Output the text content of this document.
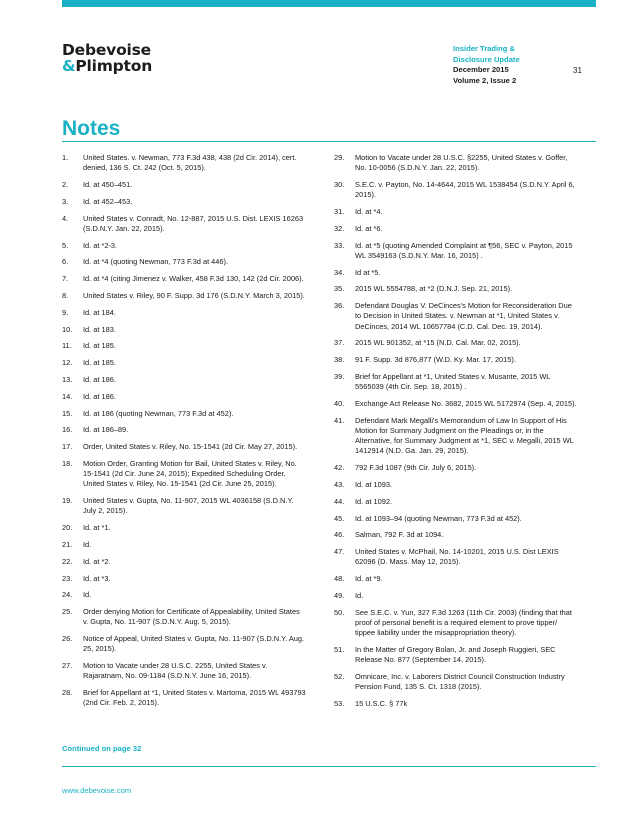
Debevoise
&Plimpton
Insider Trading &
Disclosure Update
December 2015
Volume 2, Issue 2
31
Notes
1.	United States. v. Newman, 773 F.3d 438, 438 (2d Cir. 2014), cert. denied, 136 S. Ct. 242 (Oct. 5, 2015).
2.	Id. at 450–451.
3.	Id. at 452–453.
4.	United States v. Conradt, No. 12-887, 2015 U.S. Dist. LEXIS 16263 (S.D.N.Y. Jan. 22, 2015).
5.	Id. at *2-3.
6.	Id. at *4 (quoting Newman, 773 F.3d at 446).
7.	Id. at *4 (citing Jimenez v. Walker, 458 F.3d 130, 142 (2d Cir. 2006).
8.	United States v. Riley, 90 F. Supp. 3d 176 (S.D.N.Y. March 3, 2015).
9.	Id. at 184.
10.	Id. at 183.
11.	Id. at 185.
12.	Id. at 185.
13.	Id. at 186.
14.	Id. at 186.
15.	Id. at 186 (quoting Newman, 773 F.3d at 452).
16.	Id. at 186–89.
17.	Order, United States v. Riley, No. 15-1541 (2d Cir. May 27, 2015).
18.	Motion Order, Granting Motion for Bail, United States v. Riley, No. 15-1541 (2d Cir. June 24, 2015); Expedited Scheduling Order, United States v. Riley, No. 15-1541 (2d Cir. June 25, 2015).
19.	United States v. Gupta, No. 11-907, 2015 WL 4036158 (S.D.N.Y. July 2, 2015).
20.	Id. at *1.
21.	Id.
22.	Id. at *2.
23.	Id. at *3.
24.	Id.
25.	Order denying Motion for Certificate of Appealability, United States v. Gupta, No. 11-907 (S.D.N.Y. Aug. 5, 2015).
26.	Notice of Appeal, United States v. Gupta, No. 11-907 (S.D.N.Y. Aug. 25, 2015).
27.	Motion to Vacate under 28 U.S.C. 2255, United States v. Rajaratnam, No. 09-1184 (S.D.N.Y. June 16, 2015).
28.	Brief for Appellant at *1, United States v. Martoma, 2015 WL 493793 (2nd Cir. Feb. 2, 2015).
29.	Motion to Vacate under 28 U.S.C. §2255, United States v. Goffer, No. 10-0056 (S.D.N.Y. Jan. 22, 2015).
30.	S.E.C. v. Payton, No. 14-4644, 2015 WL 1538454 (S.D.N.Y. April 6, 2015).
31.	Id. at *4.
32.	Id. at *6.
33.	Id. at *5 (quoting Amended Complaint at ¶56, SEC v. Payton, 2015 WL 3549163 (S.D.N.Y. Mar. 16, 2015) .
34.	Id at *5.
35.	2015 WL 5554788, at *2 (D.N.J. Sep. 21, 2015).
36.	Defendant Douglas V. DeCinces's Motion for Reconsideration Due to Decision in United States. v. Newman at *1, United States v. DeCinces, 2014 WL 10657784 (C.D. Cal. Dec. 19, 2014).
37.	2015 WL 901352, at *15 (N.D. Cal. Mar. 02, 2015).
38.	91 F. Supp. 3d 876,877 (W.D. Ky. Mar. 17, 2015).
39.	Brief for Appellant at *1, United States v. Musante, 2015 WL 5565039 (4th Cir. Sep. 18, 2015) .
40.	Exchange Act Release No. 3682, 2015 WL 5172974 (Sep. 4, 2015).
41.	Defendant Mark Megalli's Memorandum of Law In Support of His Motion for Summary Judgment on the Pleadings or, in the Alternative, for Summary Judgment at *1, SEC v. Megalli, 2015 WL 1412914 (N.D. Ga. Jan. 29, 2015).
42.	792 F.3d 1087 (9th Cir. July 6, 2015).
43.	Id. at 1093.
44.	Id. at 1092.
45.	Id. at 1093–94 (quoting Newman, 773 F.3d at 452).
46.	Salman, 792 F. 3d at 1094.
47.	United States v. McPhail, No. 14-10201, 2015 U.S. Dist LEXIS 62096 (D. Mass. May 12, 2015).
48.	Id. at *9.
49.	Id.
50.	See S.E.C. v. Yun, 327 F.3d 1263 (11th Cir. 2003) (finding that that proof of personal benefit is a required element to prove tipper/ tippee liability under the misappropriation theory).
51.	In the Matter of Gregory Bolan, Jr. and Joseph Ruggieri, SEC Release No. 877 (September 14, 2015).
52.	Omnicare, Inc. v. Laborers District Council Construction Industry Pension Fund, 135 S. Ct. 1318 (2015).
53.	15 U.S.C. § 77k
Continued on page 32
www.debevoise.com
